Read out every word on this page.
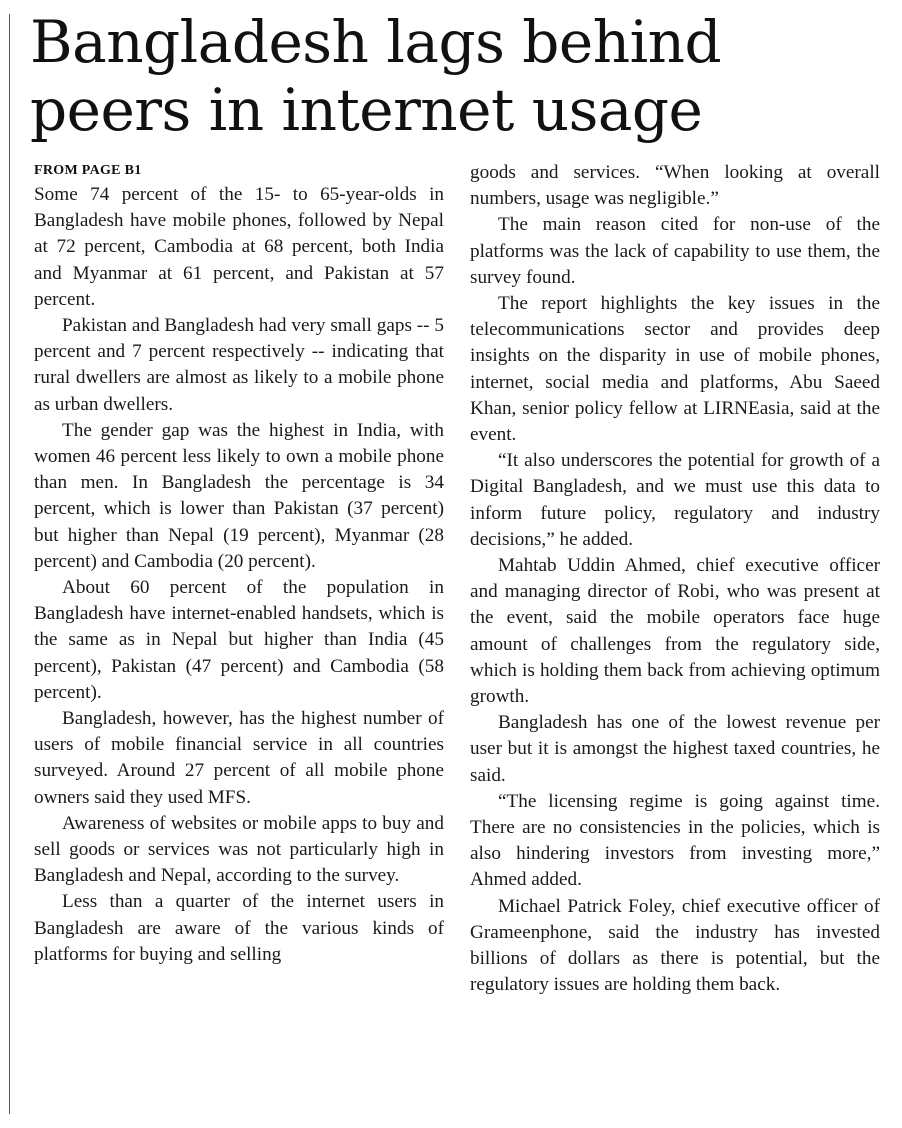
Bangladesh lags behind peers in internet usage
FROM PAGE B1

Some 74 percent of the 15- to 65-year-olds in Bangladesh have mobile phones, followed by Nepal at 72 percent, Cambodia at 68 percent, both India and Myanmar at 61 percent, and Pakistan at 57 percent.

Pakistan and Bangladesh had very small gaps -- 5 percent and 7 percent respectively -- indicating that rural dwellers are almost as likely to a mobile phone as urban dwellers.

The gender gap was the highest in India, with women 46 percent less likely to own a mobile phone than men. In Bangladesh the percentage is 34 percent, which is lower than Pakistan (37 percent) but higher than Nepal (19 percent), Myanmar (28 percent) and Cambodia (20 percent).

About 60 percent of the population in Bangladesh have internet-enabled handsets, which is the same as in Nepal but higher than India (45 percent), Pakistan (47 percent) and Cambodia (58 percent).

Bangladesh, however, has the highest number of users of mobile financial service in all countries surveyed. Around 27 percent of all mobile phone owners said they used MFS.

Awareness of websites or mobile apps to buy and sell goods or services was not particularly high in Bangladesh and Nepal, according to the survey.

Less than a quarter of the internet users in Bangladesh are aware of the various kinds of platforms for buying and selling

goods and services. “When looking at overall numbers, usage was negligible.”

The main reason cited for non-use of the platforms was the lack of capability to use them, the survey found.

The report highlights the key issues in the telecommunications sector and provides deep insights on the disparity in use of mobile phones, internet, social media and platforms, Abu Saeed Khan, senior policy fellow at LIRNEasia, said at the event.

“It also underscores the potential for growth of a Digital Bangladesh, and we must use this data to inform future policy, regulatory and industry decisions,” he added.

Mahtab Uddin Ahmed, chief executive officer and managing director of Robi, who was present at the event, said the mobile operators face huge amount of challenges from the regulatory side, which is holding them back from achieving optimum growth.

Bangladesh has one of the lowest revenue per user but it is amongst the highest taxed countries, he said.

“The licensing regime is going against time. There are no consistencies in the policies, which is also hindering investors from investing more,” Ahmed added.

Michael Patrick Foley, chief executive officer of Grameenphone, said the industry has invested billions of dollars as there is potential, but the regulatory issues are holding them back.
